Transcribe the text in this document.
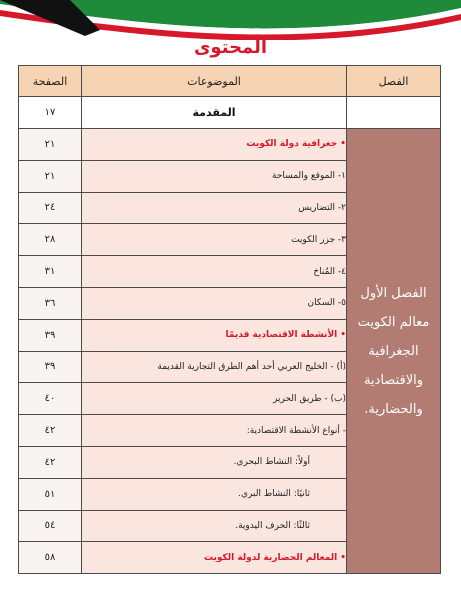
المحتوى
الفصل	الموضوعات	الصفحة
	المقدمة	١٧

الفصل الأول
معالم الكويت
الجغرافية
والاقتصادية
والحضارية.	•جغرافية دولة الكويت	٢١
	١- الموقع والمساحة	٢١
	٢- التضاريس	٢٤
	٣- جزر الكويت	٢٨
	٤- المُناخ	٣١
	٥- السكان	٣٦
	•الأنشطة الاقتصادية قديمًا	٣٩
	(أ) - الخليج العربي أحد أهم الطرق التجارية القديمة	٣٩
	(ب) - طريق الحرير	٤٠
	- أنواع الأنشطة الاقتصادية:	٤٢
	أولاً: النشاط البحري.	٤٢
	ثانيًا: النشاط البري.	٥١
	ثالثًا: الحرف اليدوية.	٥٤
	•المعالم الحضارية لدولة الكويت	٥٨
